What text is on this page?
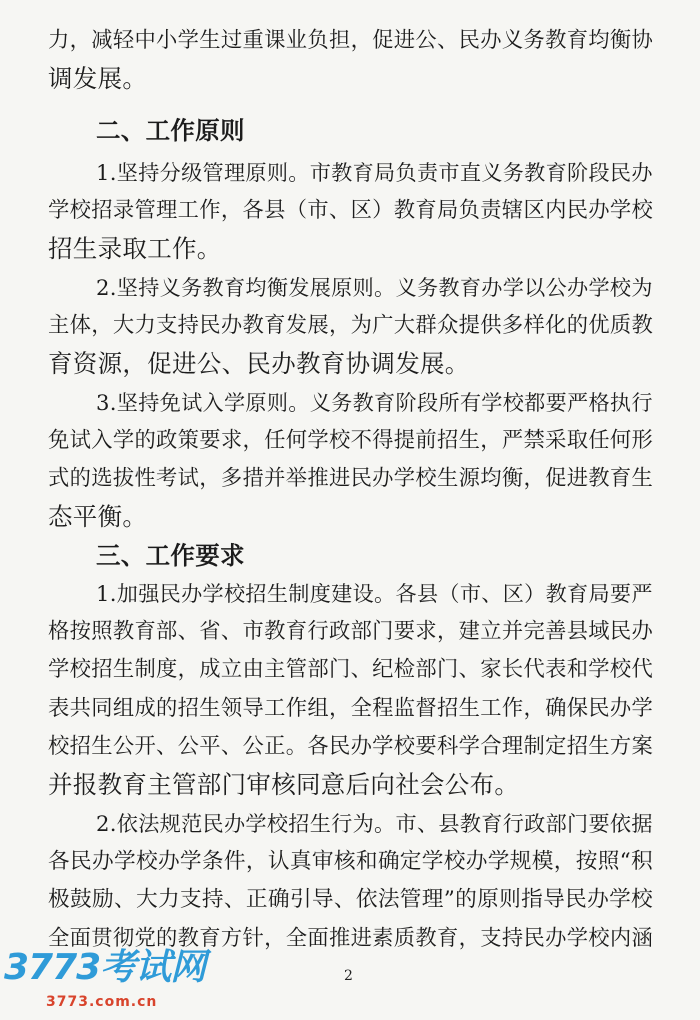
力，减轻中小学生过重课业负担，促进公、民办义务教育均衡协
调发展。
二、工作原则
1.坚持分级管理原则。市教育局负责市直义务教育阶段民办
学校招录管理工作，各县（市、区）教育局负责辖区内民办学校
招生录取工作。
2.坚持义务教育均衡发展原则。义务教育办学以公办学校为
主体，大力支持民办教育发展，为广大群众提供多样化的优质教
育资源，促进公、民办教育协调发展。
3.坚持免试入学原则。义务教育阶段所有学校都要严格执行
免试入学的政策要求，任何学校不得提前招生，严禁采取任何形
式的选拔性考试，多措并举推进民办学校生源均衡，促进教育生
态平衡。
三、工作要求
1.加强民办学校招生制度建设。各县（市、区）教育局要严
格按照教育部、省、市教育行政部门要求，建立并完善县域民办
学校招生制度，成立由主管部门、纪检部门、家长代表和学校代
表共同组成的招生领导工作组，全程监督招生工作，确保民办学
校招生公开、公平、公正。各民办学校要科学合理制定招生方案
并报教育主管部门审核同意后向社会公布。
2.依法规范民办学校招生行为。市、县教育行政部门要依据
各民办学校办学条件，认真审核和确定学校办学规模，按照“积
极鼓励、大力支持、正确引导、依法管理”的原则指导民办学校
全面贯彻党的教育方针，全面推进素质教育，支持民办学校内涵
2
3773考试网
3773.com.cn
